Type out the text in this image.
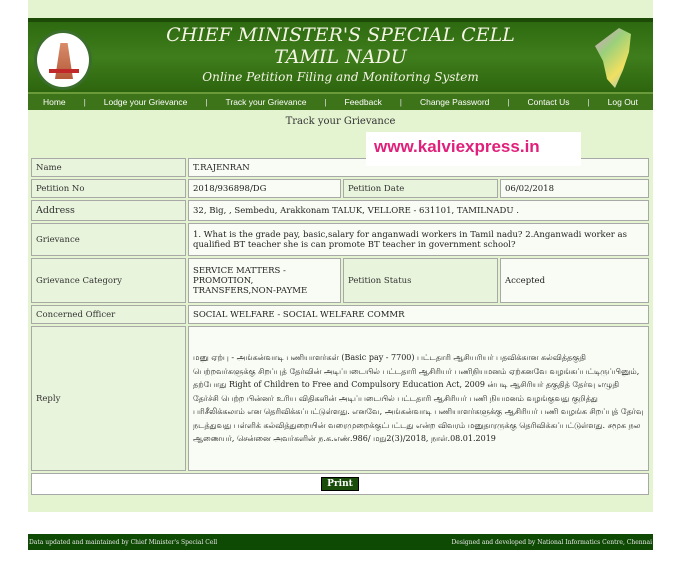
CHIEF MINISTER'S SPECIAL CELL
TAMIL NADU
Online Petition Filing and Monitoring System
Home | Lodge your Grievance | Track your Grievance | Feedback | Change Password | Contact Us | Log Out
Track your Grievance
Name	T.RAJENRAN		
Petition No	2018/936898/DG	Petition Date	06/02/2018
Address	32, Big, , Sembedu, Arakkonam TALUK, VELLORE - 631101, TAMILNADU .		
Grievance	1. What is the grade pay, basic,salary for anganwadi workers in Tamil nadu? 2.Anganwadi worker as qualified BT teacher she is can promote BT teacher in government school?		
Grievance Category	SERVICE MATTERS - PROMOTION, TRANSFERS,NON-PAYME	Petition Status	Accepted
Concerned Officer	SOCIAL WELFARE - SOCIAL WELFARE COMMR		
Reply	மனு ஏற்பு - அங்கன்வாடி பணியாளர்கள் (Basic pay - 7700) பட்டதாரி ஆசியரியர் பதவிக்கான கல்வித்தகுதி பெற்றவர்களுக்கு சிறப்புத் தேர்வின் அடிப்படையில் பட்டதாரி ஆசிரியர் பணிநியமனம் ஏற்கனவே வழங்கப்பட்டிருப்பினும், தற்போது Right of Children to Free and Compulsory Education Act, 2009 ன்படி ஆசிரியர் தகுதித் தேர்வு எழுதி தேர்ச்சி பெற்ற பின்னர் உரிய விதிகளின் அடிப்படையில் பட்டதாரி ஆசிரியர் பணி நியமனம் வழங்குவது குறித்து பரிசீலிக்கலாம் என தெரிவிக்கப்பட்டுள்ளது. எனவே, அங்கன்வாடி பணியாளர்களுக்கு ஆசிரியர் பணி வழங்க சிறப்புத் தேர்வு நடத்துவது பள்ளிக் கல்வித்துறையின் வரைமுறைக்குட்பட்டது என்ற விவரம் மனுதாரருக்கு தெரிவிக்கப்பட்டுள்ளது. சமூக நல ஆணையர், சென்னை அவர்களின் ந.க.எண்.986/ மநு2(3)/2018, நாள்.08.01.2019		
Print			
www.kalviexpress.in
Data updated and maintained by Chief Minister's Special Cell	Designed and developed by National Informatics Centre, Chennai
